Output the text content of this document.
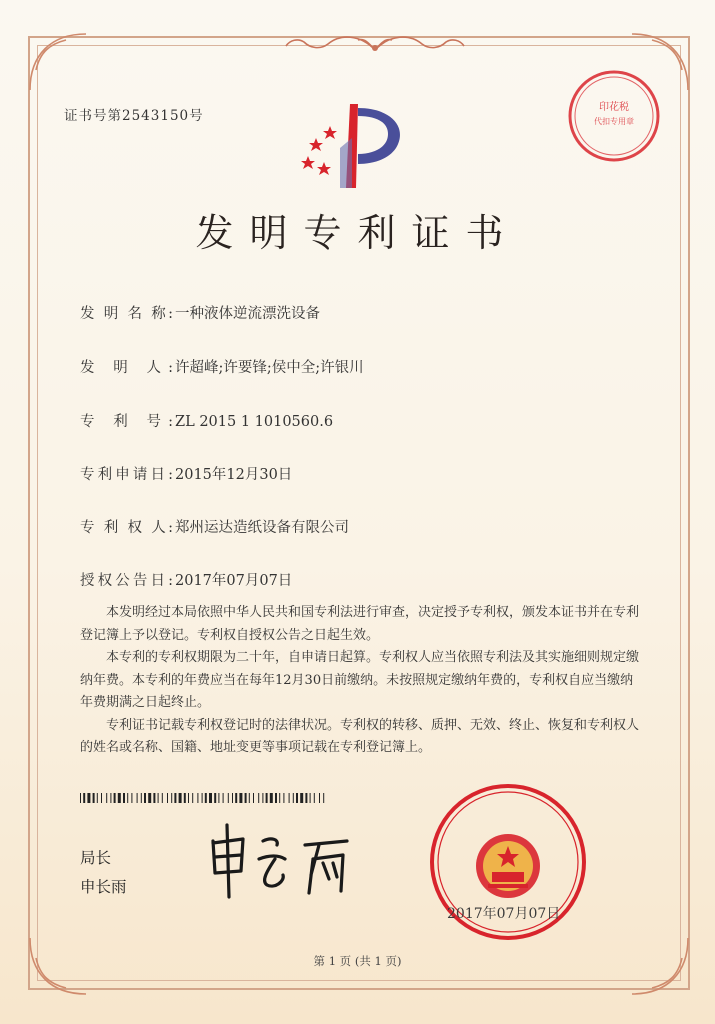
证书号第2543150号
发明专利证书
发 明 名 称: 一种液体逆流漂洗设备
发 明 人: 许超峰;许要锋;侯中全;许银川
专 利 号: ZL 2015 1 1010560.6
专利申请日: 2015年12月30日
专 利 权 人: 郑州运达造纸设备有限公司
授权公告日: 2017年07月07日

本发明经过本局依照中华人民共和国专利法进行审查，决定授予专利权，颁发本证书并在专利登记簿上予以登记。专利权自授权公告之日起生效。

本专利的专利权期限为二十年，自申请日起算。专利权人应当依照专利法及其实施细则规定缴纳年费。本专利的年费应当在每年12月30日前缴纳。未按照规定缴纳年费的，专利权自应当缴纳年费期满之日起终止。

专利证书记载专利权登记时的法律状况。专利权的转移、质押、无效、终止、恢复和专利权人的姓名或名称、国籍、地址变更等事项记载在专利登记簿上。

局长
申长雨
印花税
代扣专用章
2017年07月07日
第 1 页 (共 1 页)
